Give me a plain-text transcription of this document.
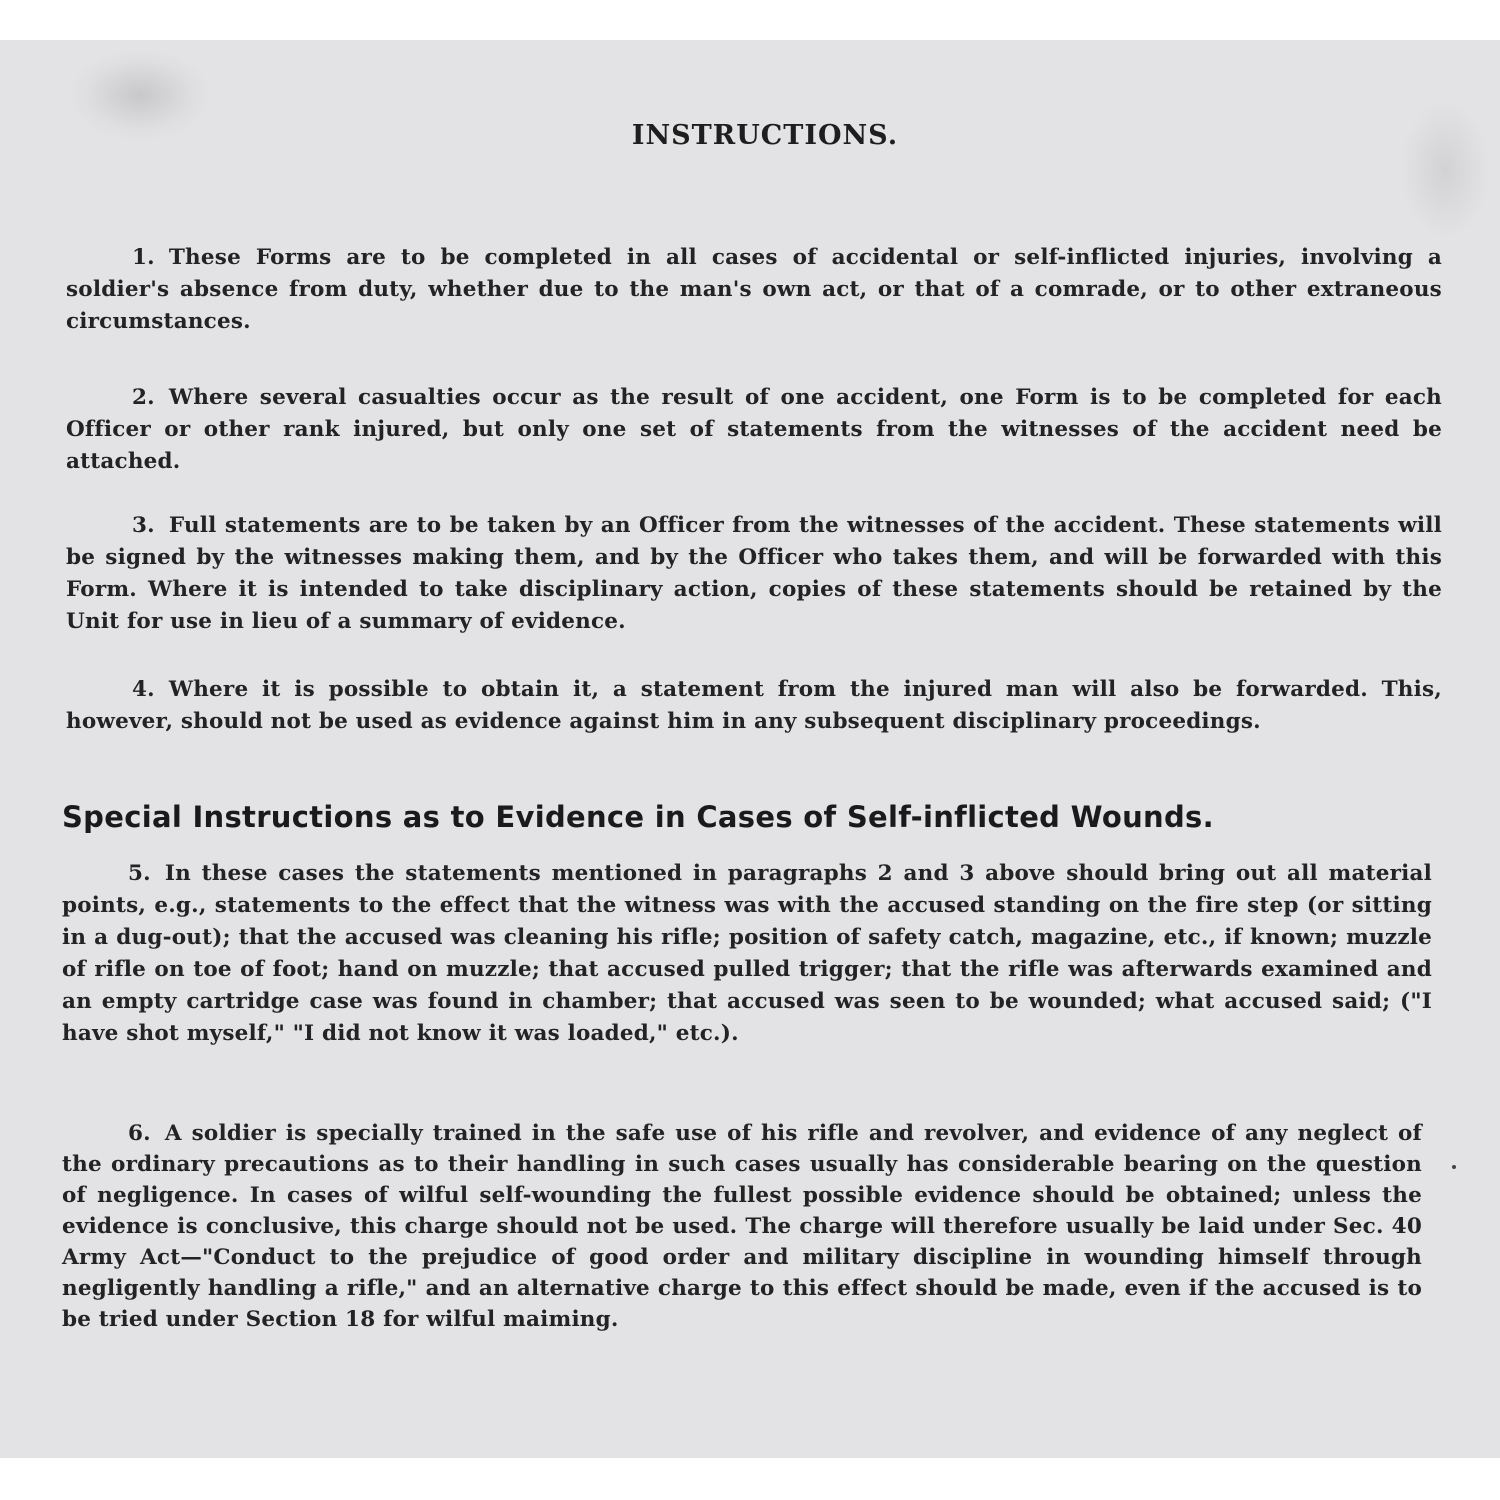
INSTRUCTIONS.
1. These Forms are to be completed in all cases of accidental or self-inflicted injuries, involving a soldier's absence from duty, whether due to the man's own act, or that of a comrade, or to other extraneous circumstances.
2. Where several casualties occur as the result of one accident, one Form is to be completed for each Officer or other rank injured, but only one set of statements from the witnesses of the accident need be attached.
3. Full statements are to be taken by an Officer from the witnesses of the accident. These statements will be signed by the witnesses making them, and by the Officer who takes them, and will be forwarded with this Form. Where it is intended to take disciplinary action, copies of these statements should be retained by the Unit for use in lieu of a summary of evidence.
4. Where it is possible to obtain it, a statement from the injured man will also be forwarded. This, however, should not be used as evidence against him in any subsequent disciplinary proceedings.
Special Instructions as to Evidence in Cases of Self-inflicted Wounds.
5. In these cases the statements mentioned in paragraphs 2 and 3 above should bring out all material points, e.g., statements to the effect that the witness was with the accused standing on the fire step (or sitting in a dug-out); that the accused was cleaning his rifle; position of safety catch, magazine, etc., if known; muzzle of rifle on toe of foot; hand on muzzle; that accused pulled trigger; that the rifle was afterwards examined and an empty cartridge case was found in chamber; that accused was seen to be wounded; what accused said; ("I have shot myself," "I did not know it was loaded," etc.).
6. A soldier is specially trained in the safe use of his rifle and revolver, and evidence of any neglect of the ordinary precautions as to their handling in such cases usually has considerable bearing on the question of negligence. In cases of wilful self-wounding the fullest possible evidence should be obtained; unless the evidence is conclusive, this charge should not be used. The charge will therefore usually be laid under Sec. 40 Army Act—"Conduct to the prejudice of good order and military discipline in wounding himself through negligently handling a rifle," and an alternative charge to this effect should be made, even if the accused is to be tried under Section 18 for wilful maiming.
